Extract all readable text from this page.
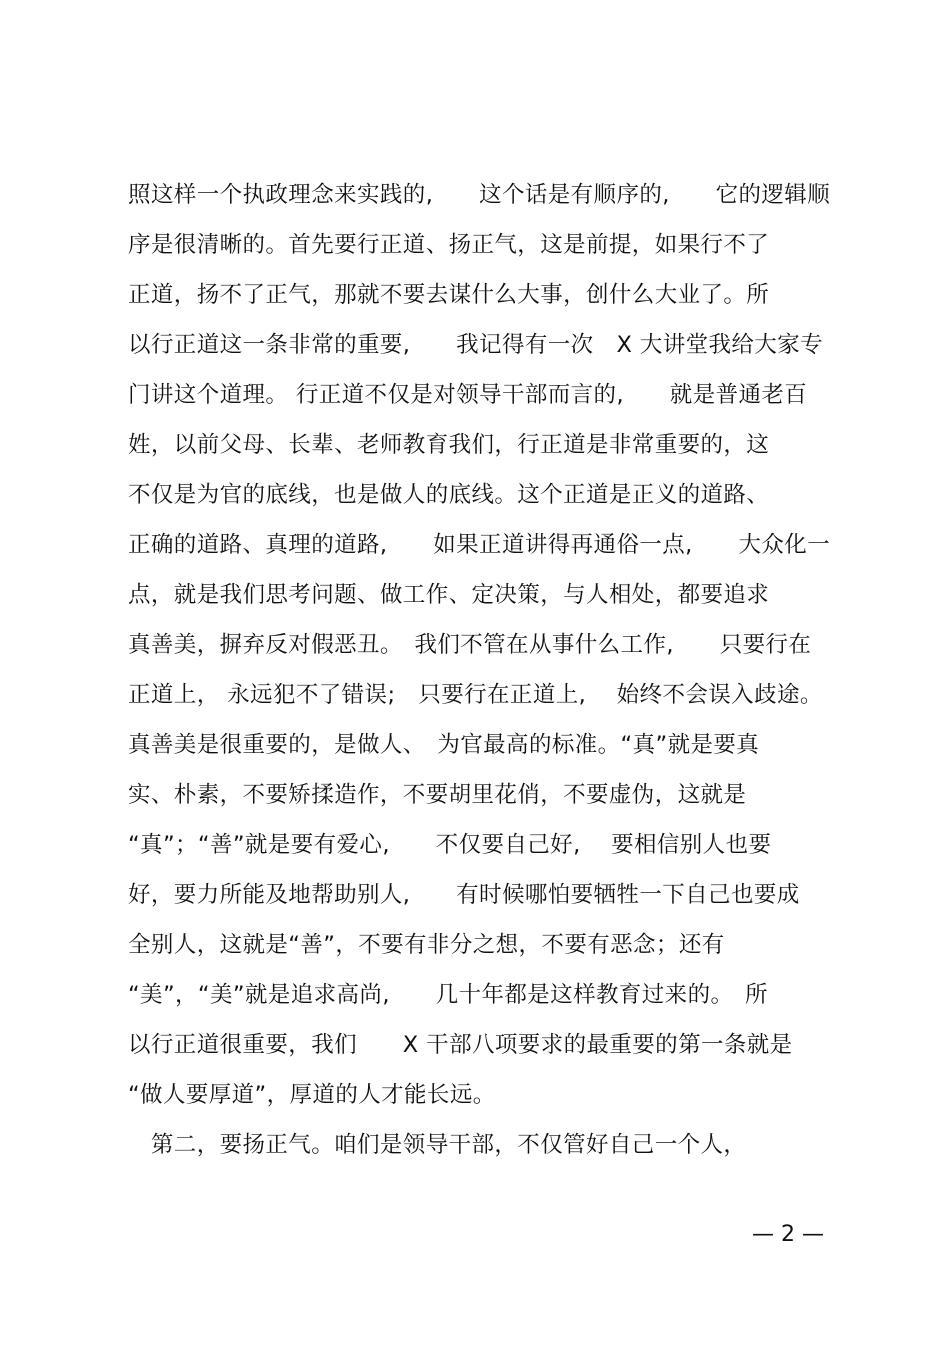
照这样一个执政理念来实践的,　　这个话是有顺序的,　　它的逻辑顺
序是很清晰的。首先要行正道、扬正气，这是前提，如果行不了
正道，扬不了正气，那就不要去谋什么大事，创什么大业了。所
以行正道这一条非常的重要,　　我记得有一次　X 大讲堂我给大家专
门讲这个道理。 行正道不仅是对领导干部而言的,　　就是普通老百
姓，以前父母、长辈、老师教育我们，行正道是非常重要的，这
不仅是为官的底线，也是做人的底线。这个正道是正义的道路、
正确的道路、真理的道路,　　如果正道讲得再通俗一点,　　大众化一
点，就是我们思考问题、做工作、定决策，与人相处，都要追求
真善美，摒弃反对假恶丑。　我们不管在从事什么工作,　　只要行在
正道上， 永远犯不了错误;　只要行在正道上,　 始终不会误入歧途。
真善美是很重要的，是做人、　为官最高的标准。“真”就是要真
实、朴素，不要矫揉造作，不要胡里花俏，不要虚伪，这就是
“真”；“善”就是要有爱心,　　不仅要自己好,　 要相信别人也要
好，要力所能及地帮助别人,　　有时候哪怕要牺牲一下自己也要成
全别人，这就是“善”，不要有非分之想，不要有恶念；还有
“美”，“美”就是追求高尚,　　几十年都是这样教育过来的。　所
以行正道很重要，我们　　X 干部八项要求的最重要的第一条就是
“做人要厚道”，厚道的人才能长远。
　第二，要扬正气。咱们是领导干部，不仅管好自己一个人，
— 2 —
